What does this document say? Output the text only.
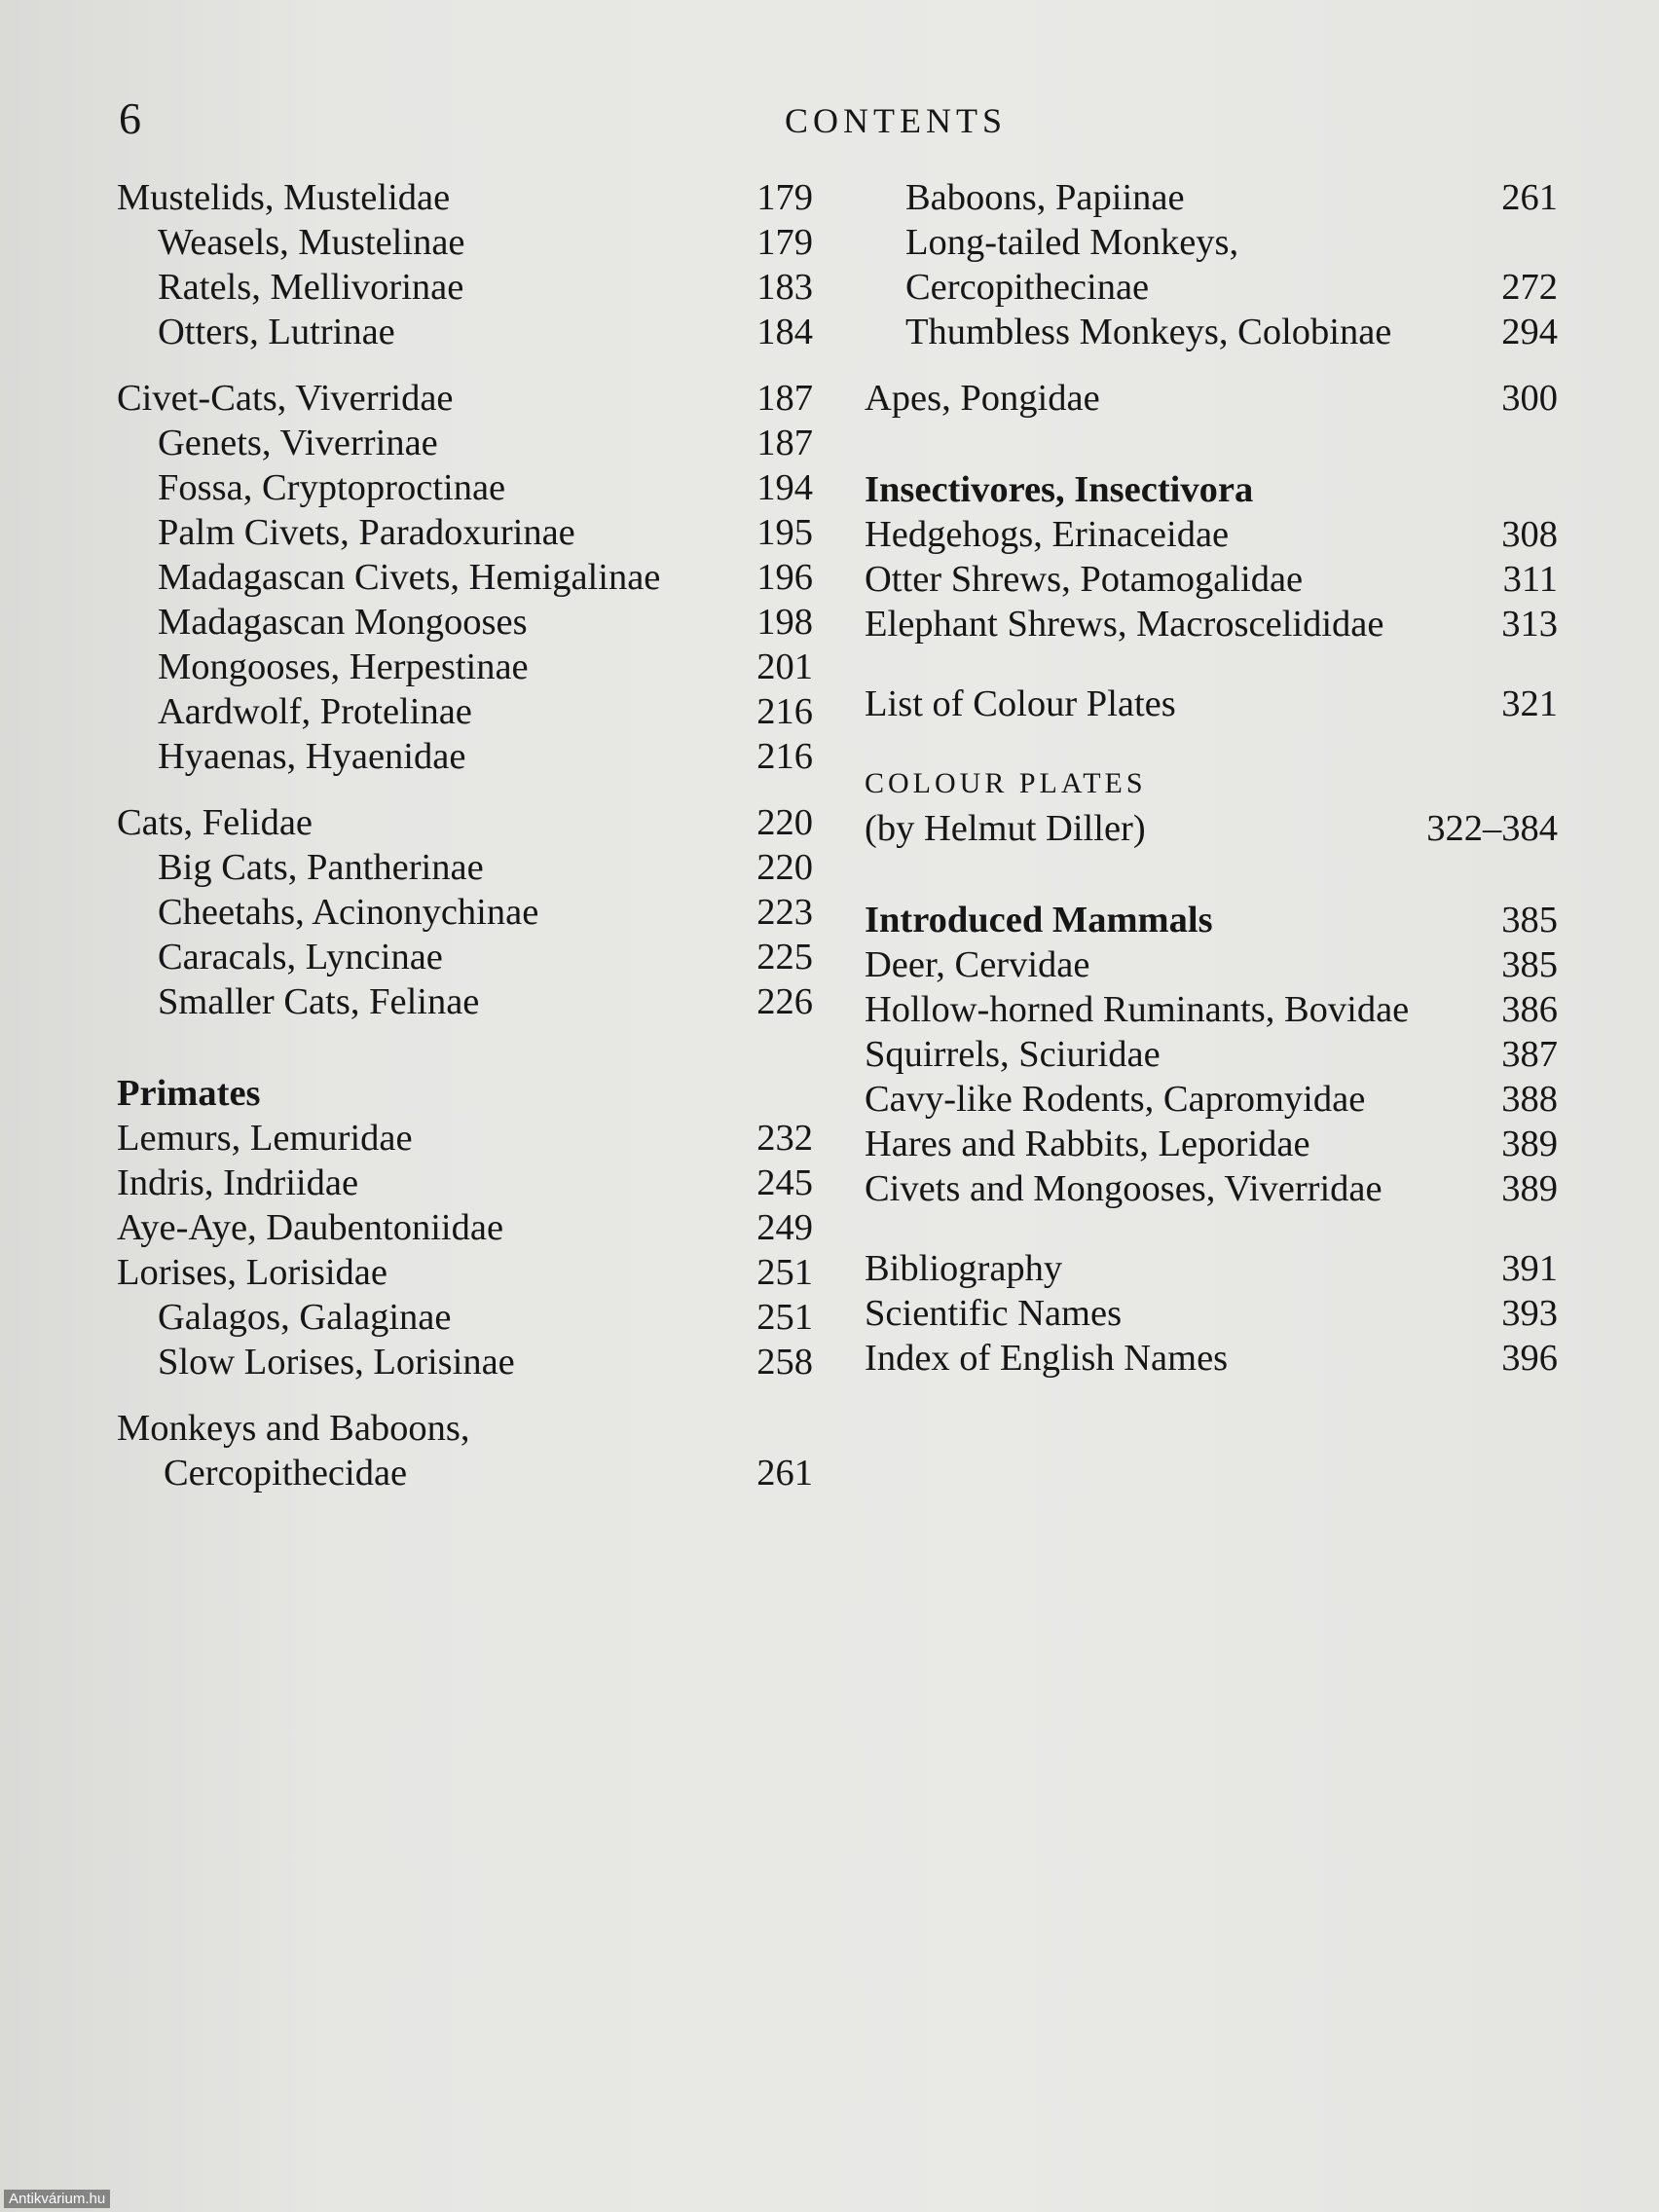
6	CONTENTS
Mustelids, Mustelidae	179
Weasels, Mustelinae	179
Ratels, Mellivorinae	183
Otters, Lutrinae	184
Civet-Cats, Viverridae	187
Genets, Viverrinae	187
Fossa, Cryptoproctinae	194
Palm Civets, Paradoxurinae	195
Madagascan Civets, Hemigalinae	196
Madagascan Mongooses	198
Mongooses, Herpestinae	201
Aardwolf, Protelinae	216
Hyaenas, Hyaenidae	216
Cats, Felidae	220
Big Cats, Pantherinae	220
Cheetahs, Acinonychinae	223
Caracals, Lyncinae	225
Smaller Cats, Felinae	226
Primates
Lemurs, Lemuridae	232
Indris, Indriidae	245
Aye-Aye, Daubentoniidae	249
Lorises, Lorisidae	251
Galagos, Galaginae	251
Slow Lorises, Lorisinae	258
Monkeys and Baboons,
Cercopithecidae	261
Baboons, Papiinae	261
Long-tailed Monkeys,
Cercopithecinae	272
Thumbless Monkeys, Colobinae	294
Apes, Pongidae	300
Insectivores, Insectivora
Hedgehogs, Erinaceidae	308
Otter Shrews, Potamogalidae	311
Elephant Shrews, Macroscelididae	313
List of Colour Plates	321
COLOUR PLATES
(by Helmut Diller)	322–384
Introduced Mammals	385
Deer, Cervidae	385
Hollow-horned Ruminants, Bovidae	386
Squirrels, Sciuridae	387
Cavy-like Rodents, Capromyidae	388
Hares and Rabbits, Leporidae	389
Civets and Mongooses, Viverridae	389
Bibliography	391
Scientific Names	393
Index of English Names	396
Antikvárium.hu
